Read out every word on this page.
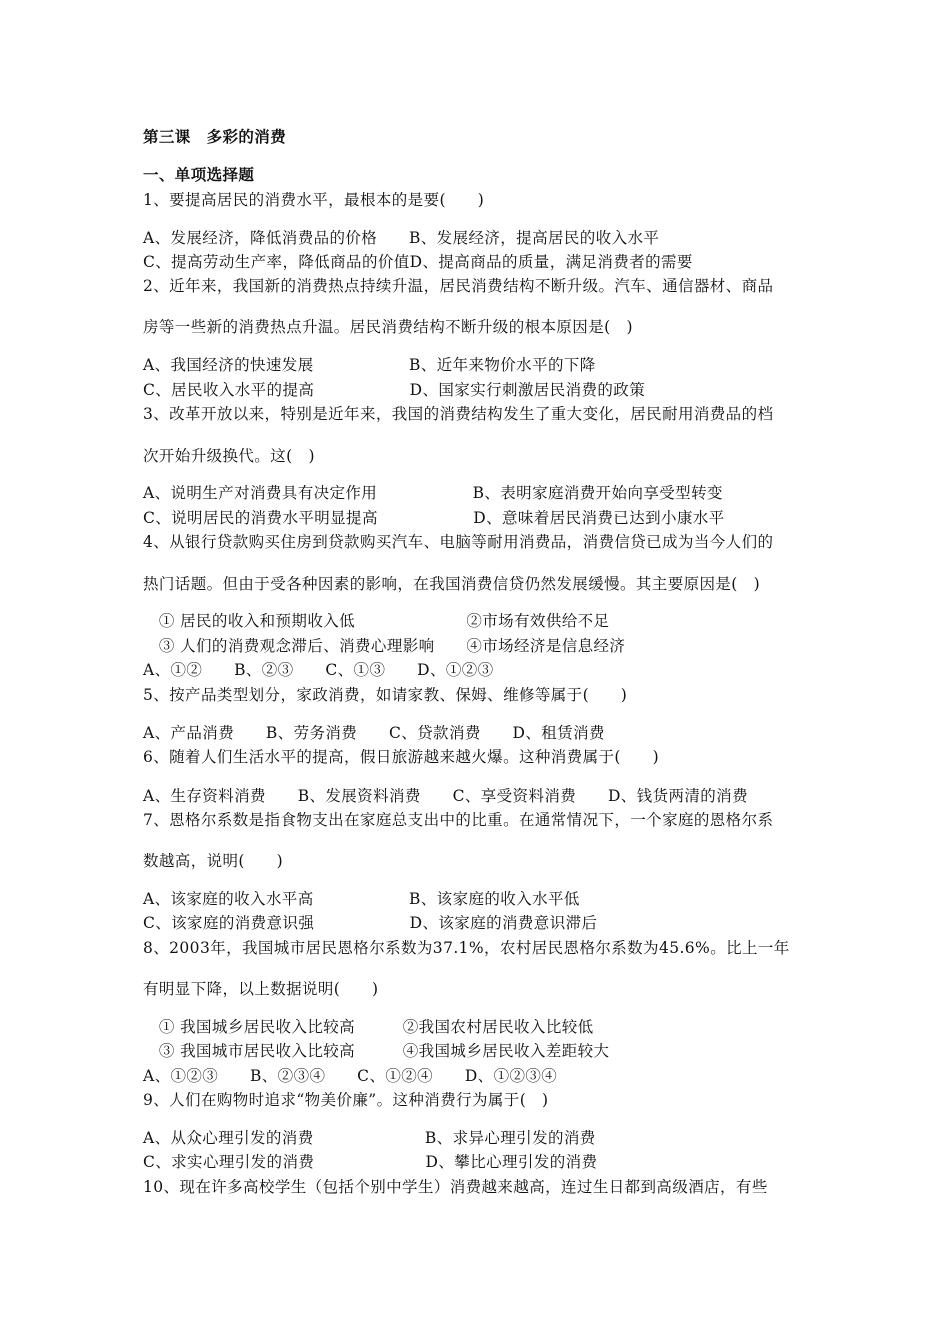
第三课　多彩的消费
一、单项选择题
1、要提高居民的消费水平，最根本的是要(　　)
A、发展经济，降低消费品的价格　　B、发展经济，提高居民的收入水平
C、提高劳动生产率，降低商品的价值D、提高商品的质量，满足消费者的需要
2、近年来，我国新的消费热点持续升温，居民消费结构不断升级。汽车、通信器材、商品
房等一些新的消费热点升温。居民消费结构不断升级的根本原因是(　)
A、我国经济的快速发展　　　　　　B、近年来物价水平的下降
C、居民收入水平的提高　　　　　　D、国家实行刺激居民消费的政策
3、改革开放以来，特别是近年来，我国的消费结构发生了重大变化，居民耐用消费品的档
次开始升级换代。这(　)
A、说明生产对消费具有决定作用　　　　　　B、表明家庭消费开始向享受型转变
C、说明居民的消费水平明显提高　　　　　　D、意味着居民消费已达到小康水平
4、从银行贷款购买住房到贷款购买汽车、电脑等耐用消费品，消费信贷已成为当今人们的
热门话题。但由于受各种因素的影响，在我国消费信贷仍然发展缓慢。其主要原因是(　)
　① 居民的收入和预期收入低　　　　　　　②市场有效供给不足
　③ 人们的消费观念滞后、消费心理影响　　④市场经济是信息经济
A、①②　　B、②③　　C、①③　　D、①②③
5、按产品类型划分，家政消费，如请家教、保姆、维修等属于(　　)
A、产品消费　　B、劳务消费　　C、贷款消费　　D、租赁消费
6、随着人们生活水平的提高，假日旅游越来越火爆。这种消费属于(　　)
A、生存资料消费　　B、发展资料消费　　C、享受资料消费　　D、钱货两清的消费
7、恩格尔系数是指食物支出在家庭总支出中的比重。在通常情况下，一个家庭的恩格尔系
数越高，说明(　　)
A、该家庭的收入水平高　　　　　　B、该家庭的收入水平低
C、该家庭的消费意识强　　　　　　D、该家庭的消费意识滞后
8、2003年，我国城市居民恩格尔系数为37.1%，农村居民恩格尔系数为45.6%。比上一年
有明显下降，以上数据说明(　　)
　① 我国城乡居民收入比较高　　　②我国农村居民收入比较低
　③ 我国城市居民收入比较高　　　④我国城乡居民收入差距较大
A、①②③　　B、②③④　　C、①②④　　D、①②③④
9、人们在购物时追求“物美价廉”。这种消费行为属于(　)
A、从众心理引发的消费　　　　　　　B、求异心理引发的消费
C、求实心理引发的消费　　　　　　　D、攀比心理引发的消费
10、现在许多高校学生（包括个别中学生）消费越来越高，连过生日都到高级酒店，有些
